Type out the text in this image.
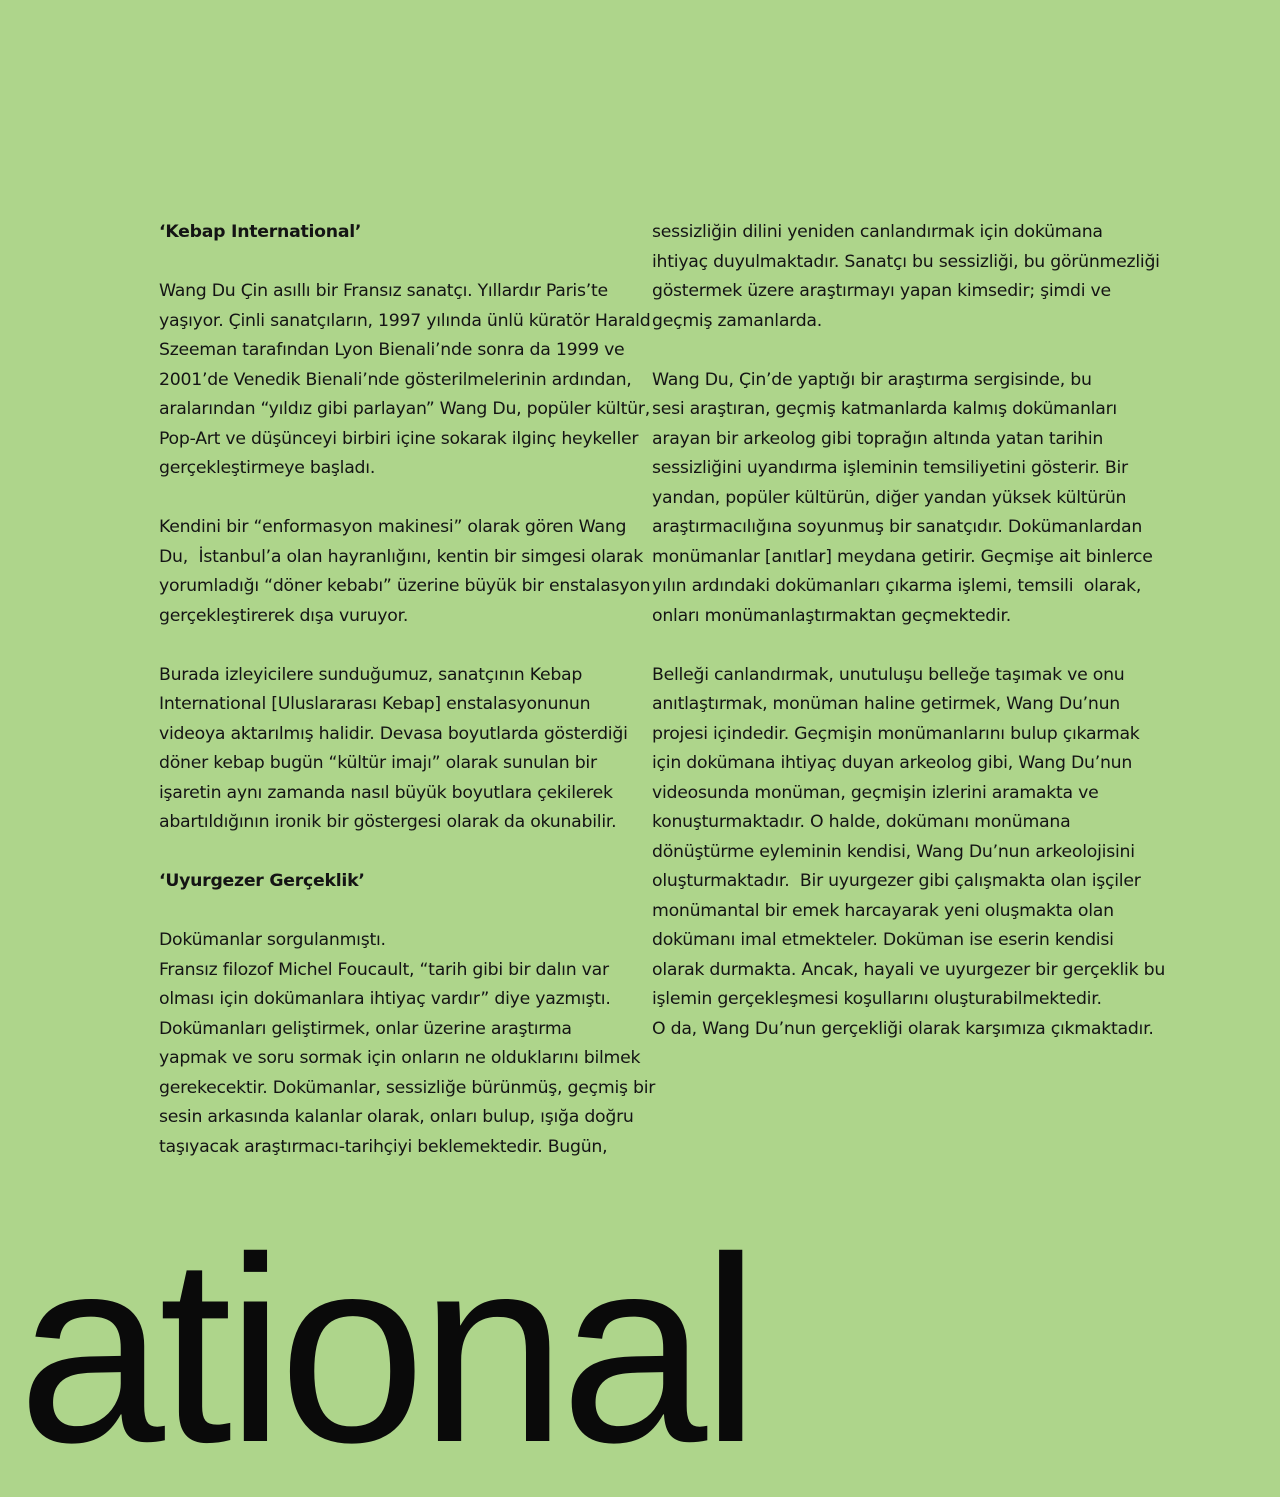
‘Kebap International’
Wang Du Çin asıllı bir Fransız sanatçı. Yıllardır Paris’te
yaşıyor. Çinli sanatçıların, 1997 yılında ünlü küratör Harald
Szeeman tarafından Lyon Bienali’nde sonra da 1999 ve
2001’de Venedik Bienali’nde gösterilmelerinin ardından,
aralarından “yıldız gibi parlayan” Wang Du, popüler kültür,
Pop-Art ve düşünceyi birbiri içine sokarak ilginç heykeller
gerçekleştirmeye başladı.
Kendini bir “enformasyon makinesi” olarak gören Wang
Du,  İstanbul’a olan hayranlığını, kentin bir simgesi olarak
yorumladığı “döner kebabı” üzerine büyük bir enstalasyon
gerçekleştirerek dışa vuruyor.
Burada izleyicilere sunduğumuz, sanatçının Kebap
International [Uluslararası Kebap] enstalasyonunun
videoya aktarılmış halidir. Devasa boyutlarda gösterdiği
döner kebap bugün “kültür imajı” olarak sunulan bir
işaretin aynı zamanda nasıl büyük boyutlara çekilerek
abartıldığının ironik bir göstergesi olarak da okunabilir.
‘Uyurgezer Gerçeklik’
Dokümanlar sorgulanmıştı.
Fransız filozof Michel Foucault, “tarih gibi bir dalın var
olması için dokümanlara ihtiyaç vardır” diye yazmıştı.
Dokümanları geliştirmek, onlar üzerine araştırma
yapmak ve soru sormak için onların ne olduklarını bilmek
gerekecektir. Dokümanlar, sessizliğe bürünmüş, geçmiş bir
sesin arkasında kalanlar olarak, onları bulup, ışığa doğru
taşıyacak araştırmacı-tarihçiyi beklemektedir. Bugün,
sessizliğin dilini yeniden canlandırmak için dokümana
ihtiyaç duyulmaktadır. Sanatçı bu sessizliği, bu görünmezliği
göstermek üzere araştırmayı yapan kimsedir; şimdi ve
geçmiş zamanlarda.
Wang Du, Çin’de yaptığı bir araştırma sergisinde, bu
sesi araştıran, geçmiş katmanlarda kalmış dokümanları
arayan bir arkeolog gibi toprağın altında yatan tarihin
sessizliğini uyandırma işleminin temsiliyetini gösterir. Bir
yandan, popüler kültürün, diğer yandan yüksek kültürün
araştırmacılığına soyunmuş bir sanatçıdır. Dokümanlardan
monümanlar [anıtlar] meydana getirir. Geçmişe ait binlerce
yılın ardındaki dokümanları çıkarma işlemi, temsili  olarak,
onları monümanlaştırmaktan geçmektedir.
Belleği canlandırmak, unutuluşu belleğe taşımak ve onu
anıtlaştırmak, monüman haline getirmek, Wang Du’nun
projesi içindedir. Geçmişin monümanlarını bulup çıkarmak
için dokümana ihtiyaç duyan arkeolog gibi, Wang Du’nun
videosunda monüman, geçmişin izlerini aramakta ve
konuşturmaktadır. O halde, dokümanı monümana
dönüştürme eyleminin kendisi, Wang Du’nun arkeolojisini
oluşturmaktadır.  Bir uyurgezer gibi çalışmakta olan işçiler
monümantal bir emek harcayarak yeni oluşmakta olan
dokümanı imal etmekteler. Doküman ise eserin kendisi
olarak durmakta. Ancak, hayali ve uyurgezer bir gerçeklik bu
işlemin gerçekleşmesi koşullarını oluşturabilmektedir.
O da, Wang Du’nun gerçekliği olarak karşımıza çıkmaktadır.
ational
